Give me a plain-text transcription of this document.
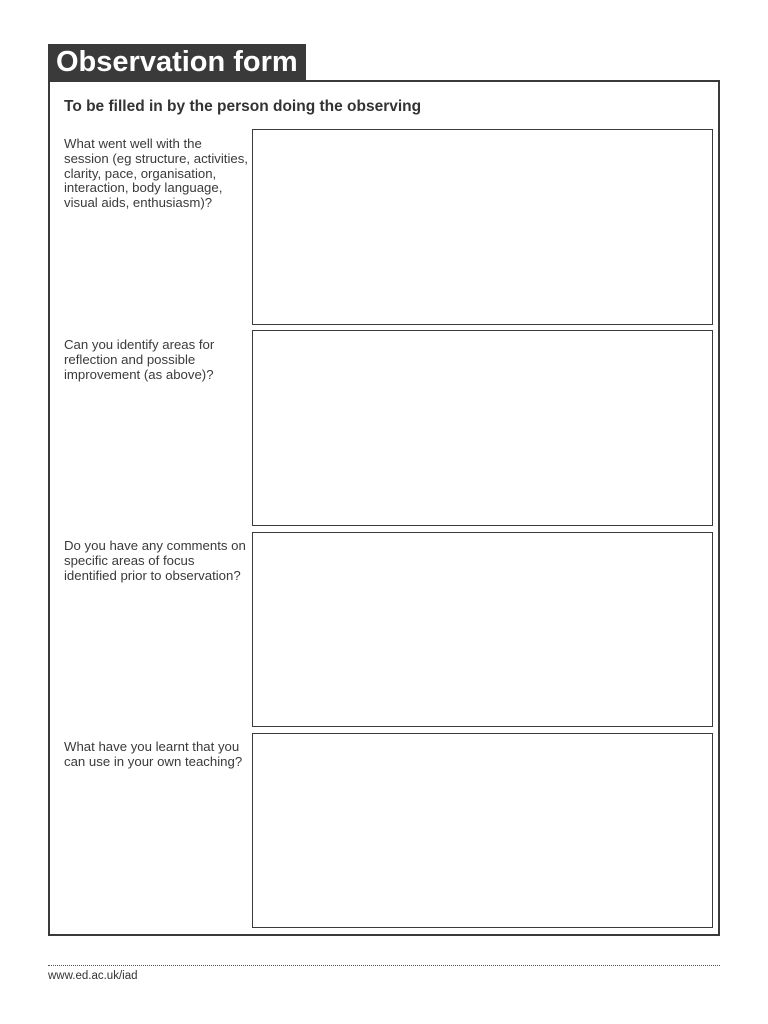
Observation form
To be filled in by the person doing the observing
What went well with the session (eg structure, activities, clarity, pace, organisation, interaction, body language, visual aids, enthusiasm)?
Can you identify areas for reflection and possible improvement (as above)?
Do you have any comments on specific areas of focus identified prior to observation?
What have you learnt that you can use in your own teaching?
www.ed.ac.uk/iad
